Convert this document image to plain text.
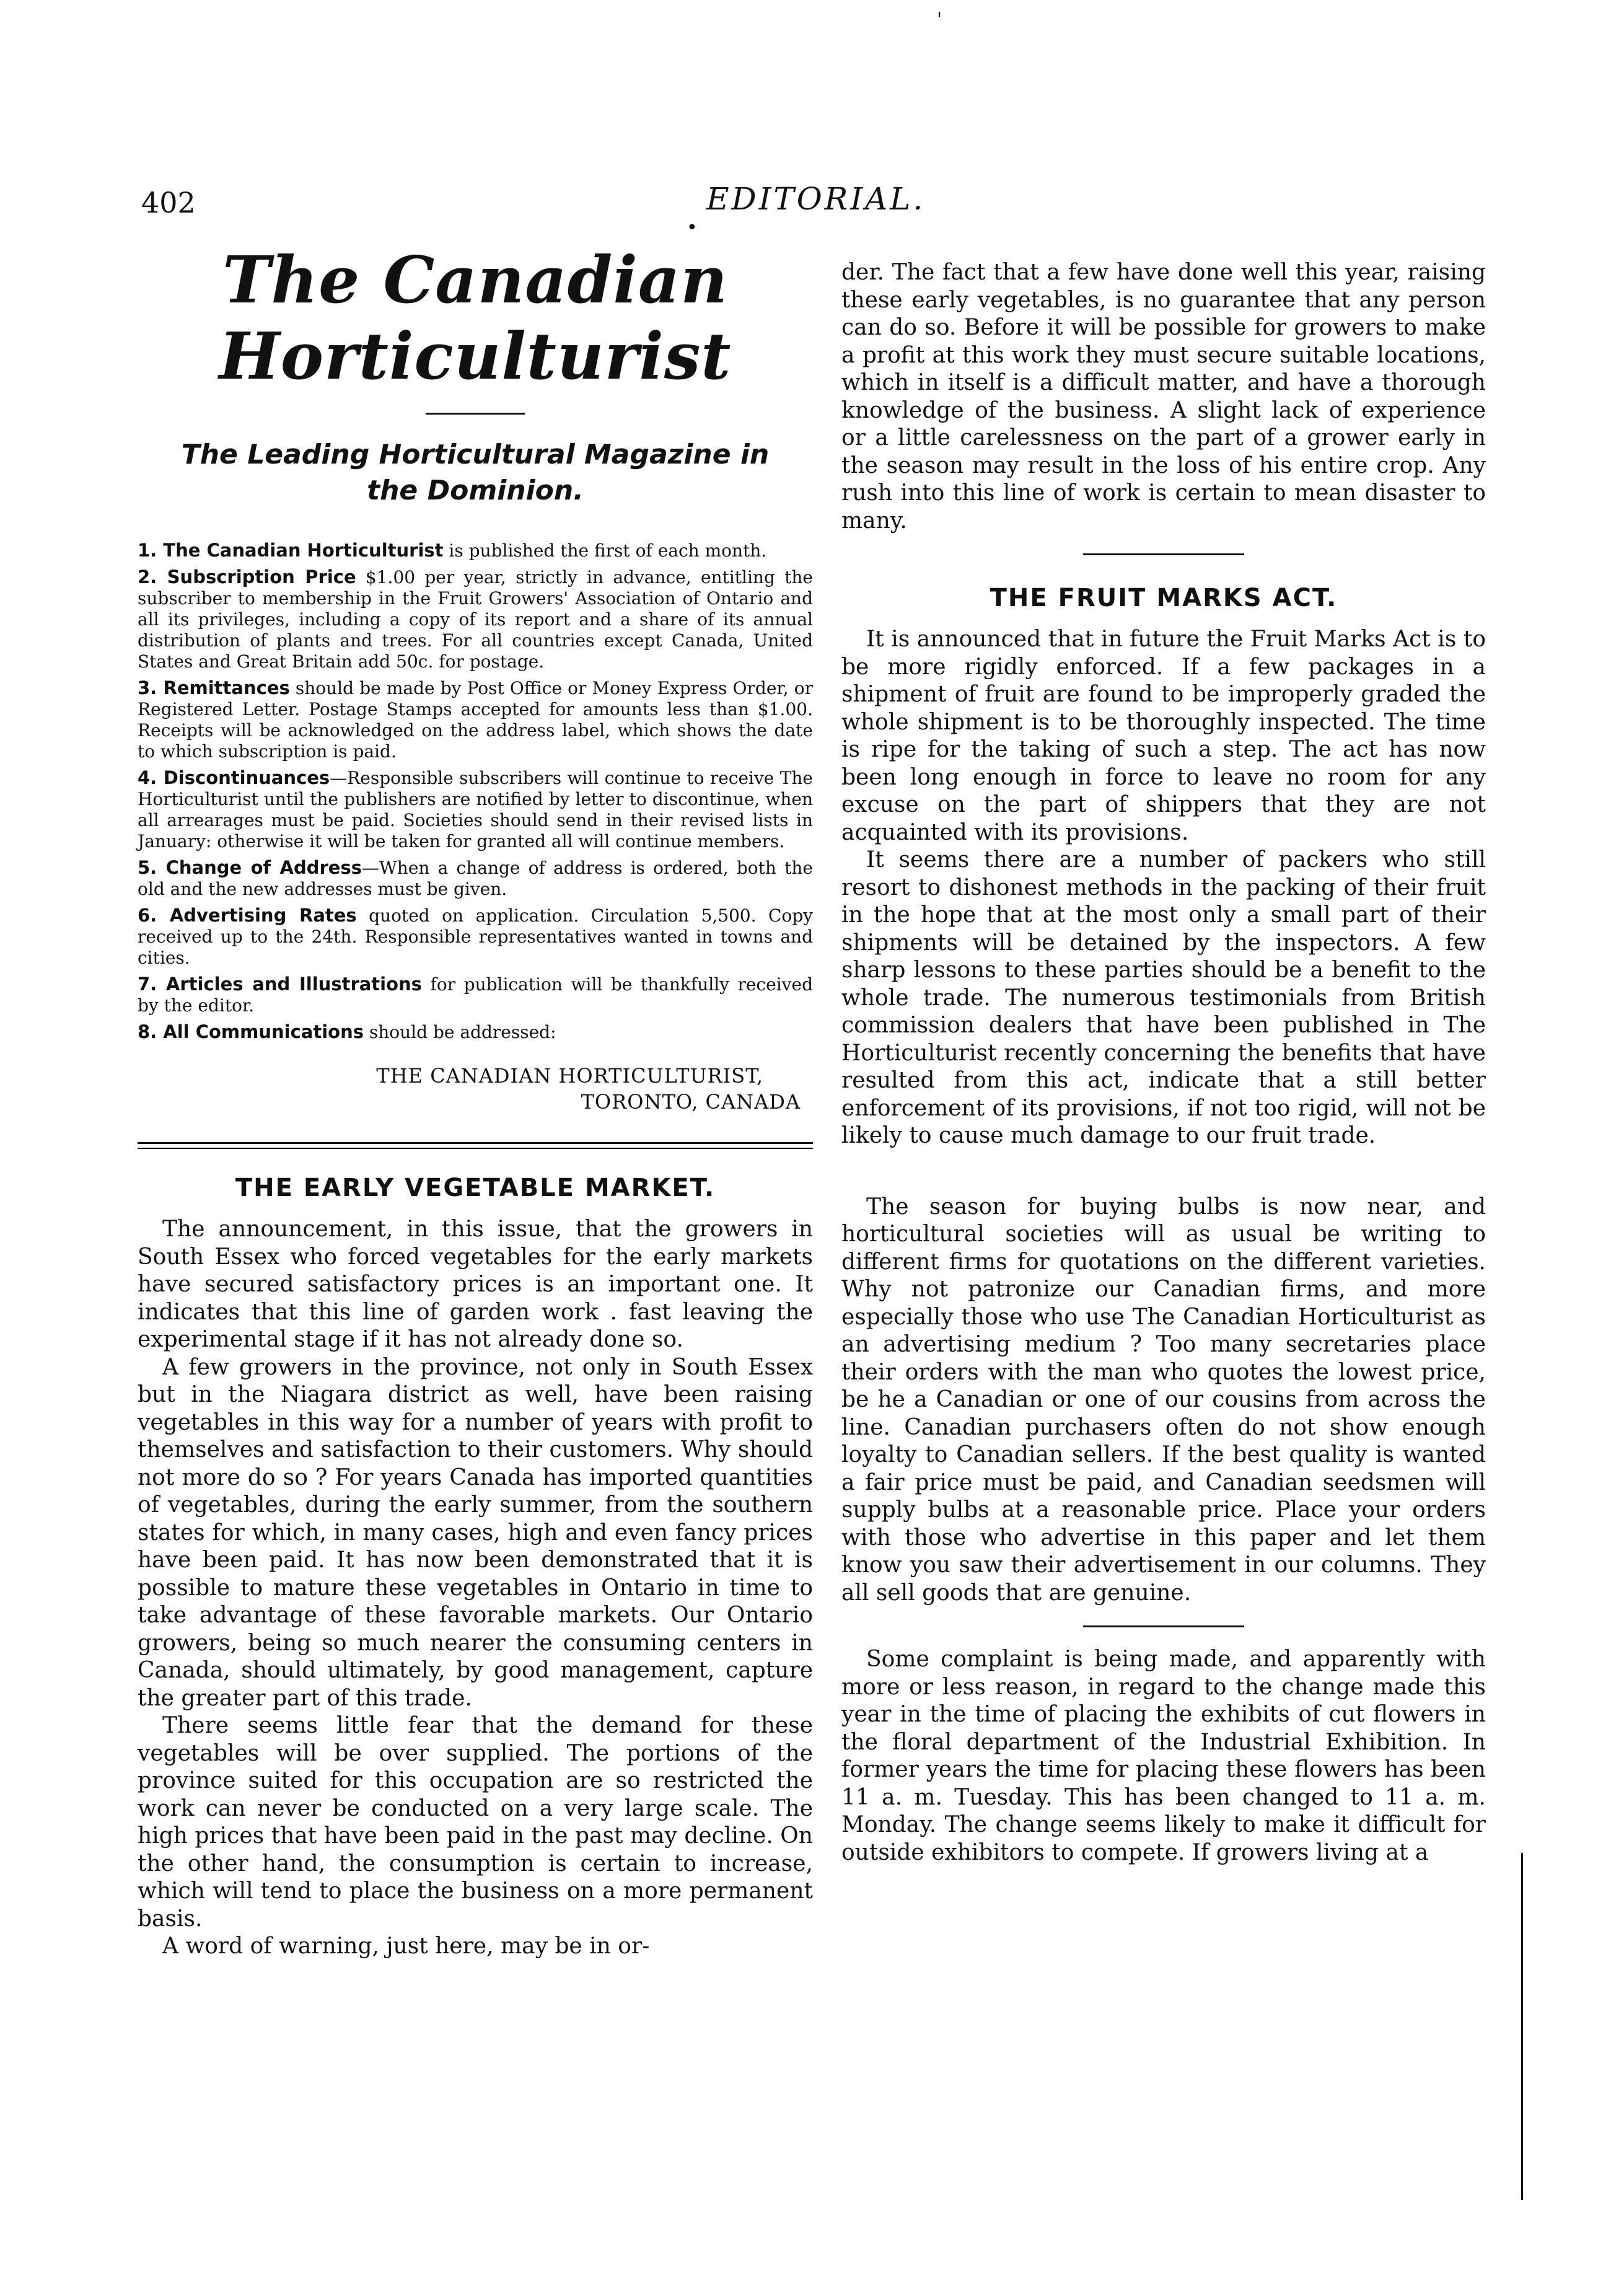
'
402	EDITORIAL.
•
The Canadian Horticulturist
The Leading Horticultural Magazine in the Dominion.

1. The Canadian Horticulturist is published the first of each month.

2. Subscription Price $1.00 per year, strictly in advance, entitling the subscriber to membership in the Fruit Growers' Association of Ontario and all its privileges, including a copy of its report and a share of its annual distribution of plants and trees. For all countries except Canada, United States and Great Britain add 50c. for postage.

3. Remittances should be made by Post Office or Money Express Order, or Registered Letter. Postage Stamps accepted for amounts less than $1.00. Receipts will be acknowledged on the address label, which shows the date to which subscription is paid.

4. Discontinuances—Responsible subscribers will continue to receive The Horticulturist until the publishers are notified by letter to discontinue, when all arrearages must be paid. Societies should send in their revised lists in January: otherwise it will be taken for granted all will continue members.

5. Change of Address—When a change of address is ordered, both the old and the new addresses must be given.

6. Advertising Rates quoted on application. Circulation 5,500. Copy received up to the 24th. Responsible representatives wanted in towns and cities.

7. Articles and Illustrations for publication will be thankfully received by the editor.

8. All Communications should be addressed:

THE CANADIAN HORTICULTURIST,
TORONTO, CANADA
THE EARLY VEGETABLE MARKET.

The announcement, in this issue, that the growers in South Essex who forced vegetables for the early markets have secured satisfactory prices is an important one. It indicates that this line of garden work . fast leaving the experimental stage if it has not already done so.

A few growers in the province, not only in South Essex but in the Niagara district as well, have been raising vegetables in this way for a number of years with profit to themselves and satisfaction to their customers. Why should not more do so ? For years Canada has imported quantities of vegetables, during the early summer, from the southern states for which, in many cases, high and even fancy prices have been paid. It has now been demonstrated that it is possible to mature these vegetables in Ontario in time to take advantage of these favorable markets. Our Ontario growers, being so much nearer the consuming centers in Canada, should ultimately, by good management, capture the greater part of this trade.

There seems little fear that the demand for these vegetables will be over supplied. The portions of the province suited for this occupation are so restricted the work can never be conducted on a very large scale. The high prices that have been paid in the past may decline. On the other hand, the consumption is certain to increase, which will tend to place the business on a more permanent basis.

A word of warning, just here, may be in or-

der. The fact that a few have done well this year, raising these early vegetables, is no guarantee that any person can do so. Before it will be possible for growers to make a profit at this work they must secure suitable locations, which in itself is a difficult matter, and have a thorough knowledge of the business. A slight lack of experience or a little carelessness on the part of a grower early in the season may result in the loss of his entire crop. Any rush into this line of work is certain to mean disaster to many.

THE FRUIT MARKS ACT.

It is announced that in future the Fruit Marks Act is to be more rigidly enforced. If a few packages in a shipment of fruit are found to be improperly graded the whole shipment is to be thoroughly inspected. The time is ripe for the taking of such a step. The act has now been long enough in force to leave no room for any excuse on the part of shippers that they are not acquainted with its provisions.

It seems there are a number of packers who still resort to dishonest methods in the packing of their fruit in the hope that at the most only a small part of their shipments will be detained by the inspectors. A few sharp lessons to these parties should be a benefit to the whole trade. The numerous testimonials from British commission dealers that have been published in The Horticulturist recently concerning the benefits that have resulted from this act, indicate that a still better enforcement of its provisions, if not too rigid, will not be likely to cause much damage to our fruit trade.

The season for buying bulbs is now near, and horticultural societies will as usual be writing to different firms for quotations on the different varieties. Why not patronize our Canadian firms, and more especially those who use The Canadian Horticulturist as an advertising medium ? Too many secretaries place their orders with the man who quotes the lowest price, be he a Canadian or one of our cousins from across the line. Canadian purchasers often do not show enough loyalty to Canadian sellers. If the best quality is wanted a fair price must be paid, and Canadian seedsmen will supply bulbs at a reasonable price. Place your orders with those who advertise in this paper and let them know you saw their advertisement in our columns. They all sell goods that are genuine.

Some complaint is being made, and apparently with more or less reason, in regard to the change made this year in the time of placing the exhibits of cut flowers in the floral department of the Industrial Exhibition. In former years the time for placing these flowers has been 11 a. m. Tuesday. This has been changed to 11 a. m. Monday. The change seems likely to make it difficult for outside exhibitors to compete. If growers living at a
